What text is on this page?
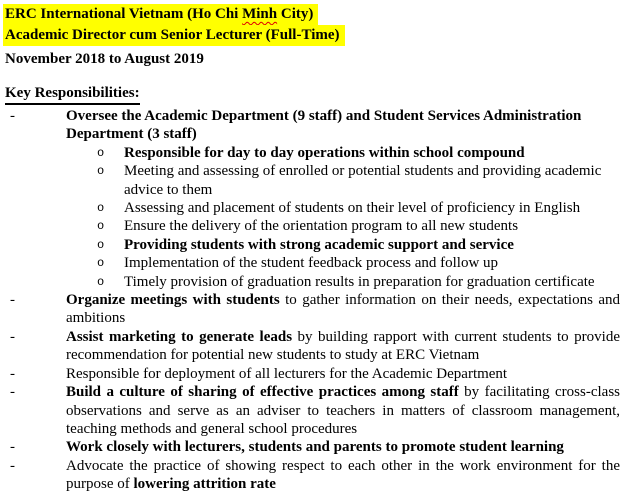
ERC International Vietnam (Ho Chi Minh City)
Academic Director cum Senior Lecturer (Full-Time)
November 2018 to August 2019
Key Responsibilities:
-	Oversee the Academic Department (9 staff) and Student Services Administration Department (3 staff)
o	Responsible for day to day operations within school compound
o	Meeting and assessing of enrolled or potential students and providing academic advice to them
o	Assessing and placement of students on their level of proficiency in English
o	Ensure the delivery of the orientation program to all new students
o	Providing students with strong academic support and service
o	Implementation of the student feedback process and follow up
o	Timely provision of graduation results in preparation for graduation certificate
-	Organize meetings with students to gather information on their needs, expectations and ambitions
-	Assist marketing to generate leads by building rapport with current students to provide recommendation for potential new students to study at ERC Vietnam
-	Responsible for deployment of all lecturers for the Academic Department
-	Build a culture of sharing of effective practices among staff by facilitating cross-class observations and serve as an adviser to teachers in matters of classroom management, teaching methods and general school procedures
-	Work closely with lecturers, students and parents to promote student learning
-	Advocate the practice of showing respect to each other in the work environment for the purpose of lowering attrition rate
